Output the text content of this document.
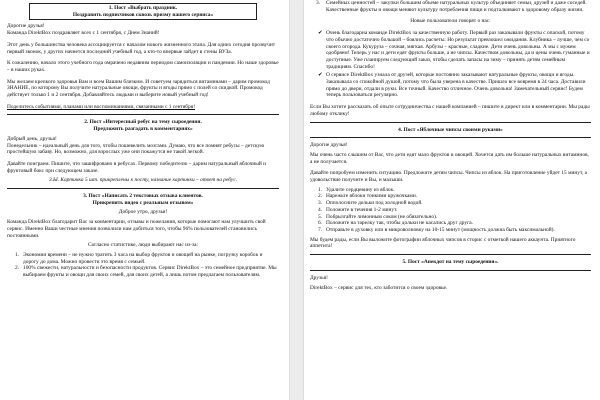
1. Пост «Выбрать праздник.
Поздравить подписчиков сквозь призму нашего сервиса»

Дорогие друзья!

Команда DirektBox поздравляет всех с 1 сентября, с Днем Знаний!

Этот день у большинства человека ассоциируется с началом нового жизненного этапа. Для одних сегодня прозвучит первый звонок, у других начнется последний учебный год, а кто-то впервые зайдет в стены ВУЗа.

К сожалению, начало этого учебного года омрачено недавним периодом самоизоляции и пандемии. Но наше здоровье – в наших руках.

Мы желаем крепкого здоровья Вам и всем Вашим близким. И советуем зарядиться витаминами – дарим промокод ЗНАНИЕ, по которому Вы получите натуральные овощи, фрукты и ягоды прямо с полей со скидкой. Промокод действует только 1 и 2 сентября. Добавляйтесь людьми и выберите новый учебный год!

Поделитесь событиями, планами или воспоминаниями, связанными с 1 сентября!

2. Пост «Интересный ребус на тему сыроедения.
Предложить разгадать в комментариях»

Добрый день, друзья!

Понедельник – идеальный день для того, чтобы пошевелить мозгами. Думаю, что все помнят ребусы – детскую простейшую забаву. Но, возможно, для взрослых уже они покажутся не такой легкой.

Давайте поиграем. Пишите, что зашифровано в ребусах. Первому победителю – дарим натуральный яблочный и фруктовый бокс при следующем заказе.

3.Ы. Картинка 5 шт. прикреплены к посту, название картинки – ответ на ребус.

3. Пост «Написать 2 текстовых отзыва клиентов.
Прикрепить видео с реальным отзывом»

Доброе утро, друзья!

Команда DirektBox благодарит Вас за комментарии, отзывы и пожелания, которые помогают нам улучшить свой сервис. Именно Ваши честные мнения позволили нам добиться того, чтобы 96% пользователей становились постоянными.

Согласно статистике, люди выбирают нас из-за:

1. Экономии времени – не нужно тратить 3 часа на выбор фруктов и овощей на рынке, погрузку коробок и дорогу до дома. Можно провести это время с семьей.
2. 100% свежести, натуральности и безопасности продуктов. Сервис DirektBox – это семейное предприятие. Мы выбираем фрукты и овощи для своих семей, для своих детей, а лишь потом предлагаем пользователям.
3. Семейных ценностей – закупки большим объеме натуральных культур объединяет семьи, друзей и даже соседей. Качественные фрукты и овощи меняют культуру потребления пищи и подталкивают к здоровому образу жизни.

Новые пользователи говорят о нас:

✔ Очень благодарна команде DirektBox за качественную работу. Первый раз заказывали фрукты с опаской, потому что обычно достаточно большой – боялись расчеты. Но результат превзошел ожидания. Клубника – лучше, чем со своего огорода. Кукуруза – сочная, мягкая. Арбузы – красные, сладкие. Дети очень довольны. А мы с мужем одобряем! Теперь у нас и дети едят фрукты больше, а не чипсы. Качеством довольны, да и цены очень гуманные и доступные. Уже планируем следующий заказ, чтобы сделать запасы на зиму – принять детям семейным традициям. Спасибо!
✔ О сервисе DirektBox узнала от друзей, которые постоянно заказывают натуральные фрукты, овощи и ягоды. Заказывала со спокойной душой, потому что была уверена в качестве. Пришло все вовремя в 24 часа. Доставили прямо до двери, отдали в руки. Все точный. Качество отличное. Очень довольна! Замечательный сервис! Будем теперь пользоваться регулярно.

Если Вы хотите рассказать об опыте сотрудничества с нашей компанией – пишите в директ или в комментарии. Мы рады любому отклику!

4. Пост «Яблочные чипсы своими руками»

Дорогие друзья!

Мы очень часто слышим от Вас, что дети едят мало фруктов и овощей. Хочется дать им больше натуральных витаминов, а не получается.

Давайте попробуем изменить ситуацию. Предложите детям чипсы. Чипсы из яблок. На приготовление уйдет 15 минут, а удовольствие получите и Вы, и малыши.

1. Удалите сердцевину из яблок.
2. Нарежьте яблоки тонкими кружочками.
3. Опполосните дольки под холодной водой.
4. Положите в течения 1-2 минут.
5. Побрызгайте лимонным соком (не обязательно).
6. Положите на тарелку так, чтобы дольки не касались друг друга.
7. Отправьте в духовку или в микроволновку на 10-15 минут (мощность должна быть максимальной).

Мы будем рады, если Вы выложите фотографии яблочных чипсов в сторис с отметкой нашего аккаунта. Приятного аппетита!

5. Пост «Анекдот на тему сыроедения».

Друзья!

DirektBox – сервис для тех, кто заботится о своем здоровье.
